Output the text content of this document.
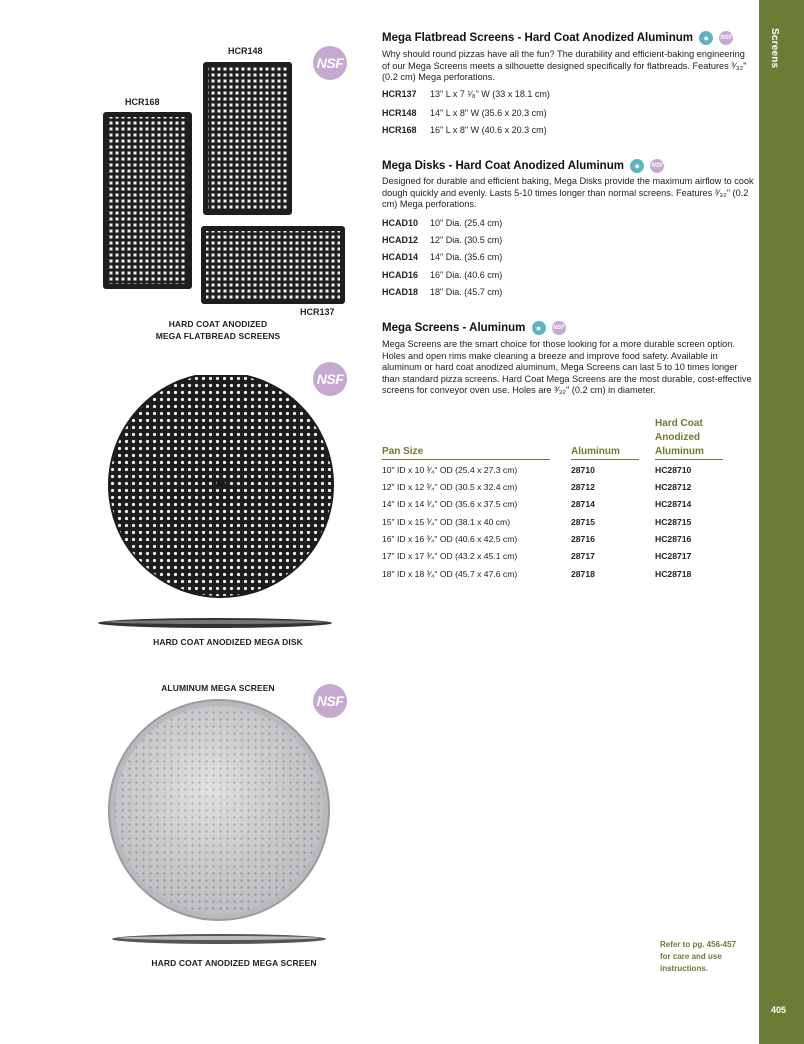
Screens
405
HCR148
HCR168
HCR137
NSF
HARD COAT ANODIZED
MEGA FLATBREAD SCREENS
NSF
HARD COAT ANODIZED MEGA DISK
ALUMINUM MEGA SCREEN
NSF
HARD COAT ANODIZED MEGA SCREEN
Mega Flatbread Screens - Hard Coat Anodized Aluminum ● NSF
Why should round pizzas have all the fun? The durability and efficient-baking engineering of our Mega Screens meets a silhouette designed specifically for flatbreads. Features ³⁄₃₂" (0.2 cm) Mega perforations.
HCR137 13" L x 7 ¹⁄₈" W (33 x 18.1 cm)
HCR148 14" L x 8" W (35.6 x 20.3 cm)
HCR168 16" L x 8" W (40.6 x 20.3 cm)
Mega Disks - Hard Coat Anodized Aluminum ● NSF
Designed for durable and efficient baking, Mega Disks provide the maximum airflow to cook dough quickly and evenly. Lasts 5-10 times longer than normal screens. Features ³⁄₃₂" (0.2 cm) Mega perforations.
HCAD10 10" Dia. (25.4 cm)
HCAD12 12" Dia. (30.5 cm)
HCAD14 14" Dia. (35.6 cm)
HCAD16 16" Dia. (40.6 cm)
HCAD18 18" Dia. (45.7 cm)
Mega Screens - Aluminum ● NSF
Mega Screens are the smart choice for those looking for a more durable screen option. Holes and open rims make cleaning a breeze and improve food safety. Available in aluminum or hard coat anodized aluminum, Mega Screens can last 5 to 10 times longer than standard pizza screens. Hard Coat Mega Screens are the most durable, cost-effective screens for conveyor oven use. Holes are ³⁄₃₂" (0.2 cm) in diameter.
Pan Size	Aluminum
Hard Coat
Anodized
Aluminum
10" ID x 10 ³⁄₄" OD (25.4 x 27.3 cm)	28710	HC28710
12" ID x 12 ³⁄₄" OD (30.5 x 32.4 cm)	28712	HC28712
14" ID x 14 ³⁄₄" OD (35.6 x 37.5 cm)	28714	HC28714
15" ID x 15 ³⁄₄" OD (38.1 x 40 cm)	28715	HC28715
16" ID x 16 ³⁄₄" OD (40.6 x 42.5 cm)	28716	HC28716
17" ID x 17 ³⁄₄" OD (43.2 x 45.1 cm)	28717	HC28717
18" ID x 18 ³⁄₄" OD (45.7 x 47.6 cm)	28718	HC28718
Refer to pg. 456-457
for care and use
instructions.
